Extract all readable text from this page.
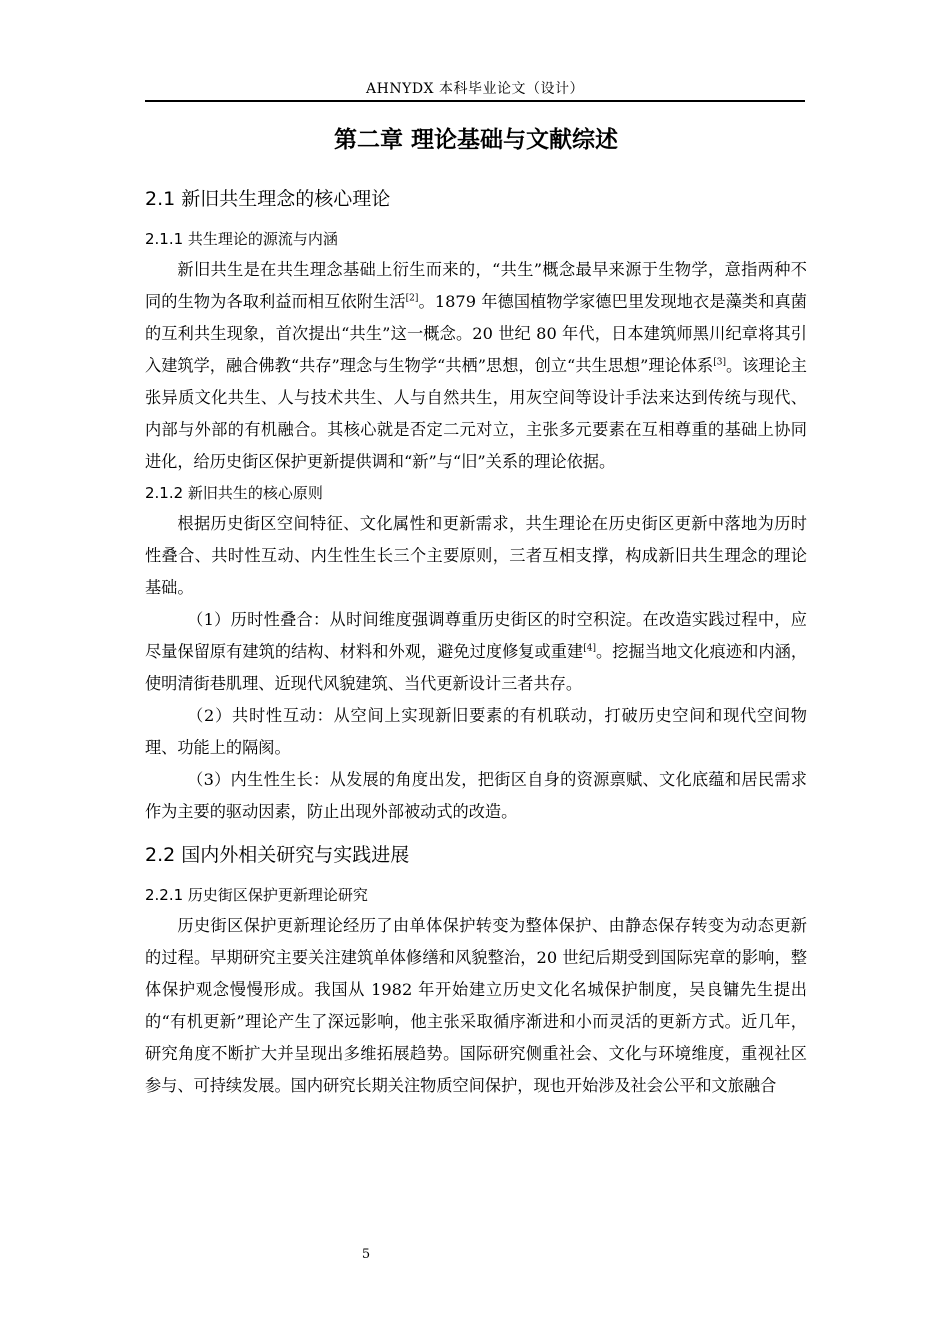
AHNYDX 本科毕业论文（设计）
第二章 理论基础与文献综述
2.1 新旧共生理念的核心理论
2.1.1 共生理论的源流与内涵

新旧共生是在共生理念基础上衍生而来的，“共生”概念最早来源于生物学，意指两种不同的生物为各取利益而相互依附生活[2]。1879 年德国植物学家德巴里发现地衣是藻类和真菌的互利共生现象，首次提出“共生”这一概念。20 世纪 80 年代，日本建筑师黑川纪章将其引入建筑学，融合佛教“共存”理念与生物学“共栖”思想，创立“共生思想”理论体系[3]。该理论主张异质文化共生、人与技术共生、人与自然共生，用灰空间等设计手法来达到传统与现代、内部与外部的有机融合。其核心就是否定二元对立，主张多元要素在互相尊重的基础上协同进化，给历史街区保护更新提供调和“新”与“旧”关系的理论依据。

2.1.2 新旧共生的核心原则

根据历史街区空间特征、文化属性和更新需求，共生理论在历史街区更新中落地为历时性叠合、共时性互动、内生性生长三个主要原则，三者互相支撑，构成新旧共生理念的理论基础。

（1）历时性叠合：从时间维度强调尊重历史街区的时空积淀。在改造实践过程中，应尽量保留原有建筑的结构、材料和外观，避免过度修复或重建[4]。挖掘当地文化痕迹和内涵，使明清街巷肌理、近现代风貌建筑、当代更新设计三者共存。

（2）共时性互动：从空间上实现新旧要素的有机联动，打破历史空间和现代空间物理、功能上的隔阂。

（3）内生性生长：从发展的角度出发，把街区自身的资源禀赋、文化底蕴和居民需求作为主要的驱动因素，防止出现外部被动式的改造。

2.2 国内外相关研究与实践进展
2.2.1 历史街区保护更新理论研究

历史街区保护更新理论经历了由单体保护转变为整体保护、由静态保存转变为动态更新的过程。早期研究主要关注建筑单体修缮和风貌整治，20 世纪后期受到国际宪章的影响，整体保护观念慢慢形成。我国从 1982 年开始建立历史文化名城保护制度，吴良镛先生提出的“有机更新”理论产生了深远影响，他主张采取循序渐进和小而灵活的更新方式。近几年，研究角度不断扩大并呈现出多维拓展趋势。国际研究侧重社会、文化与环境维度，重视社区参与、可持续发展。国内研究长期关注物质空间保护，现也开始涉及社会公平和文旅融合

5
